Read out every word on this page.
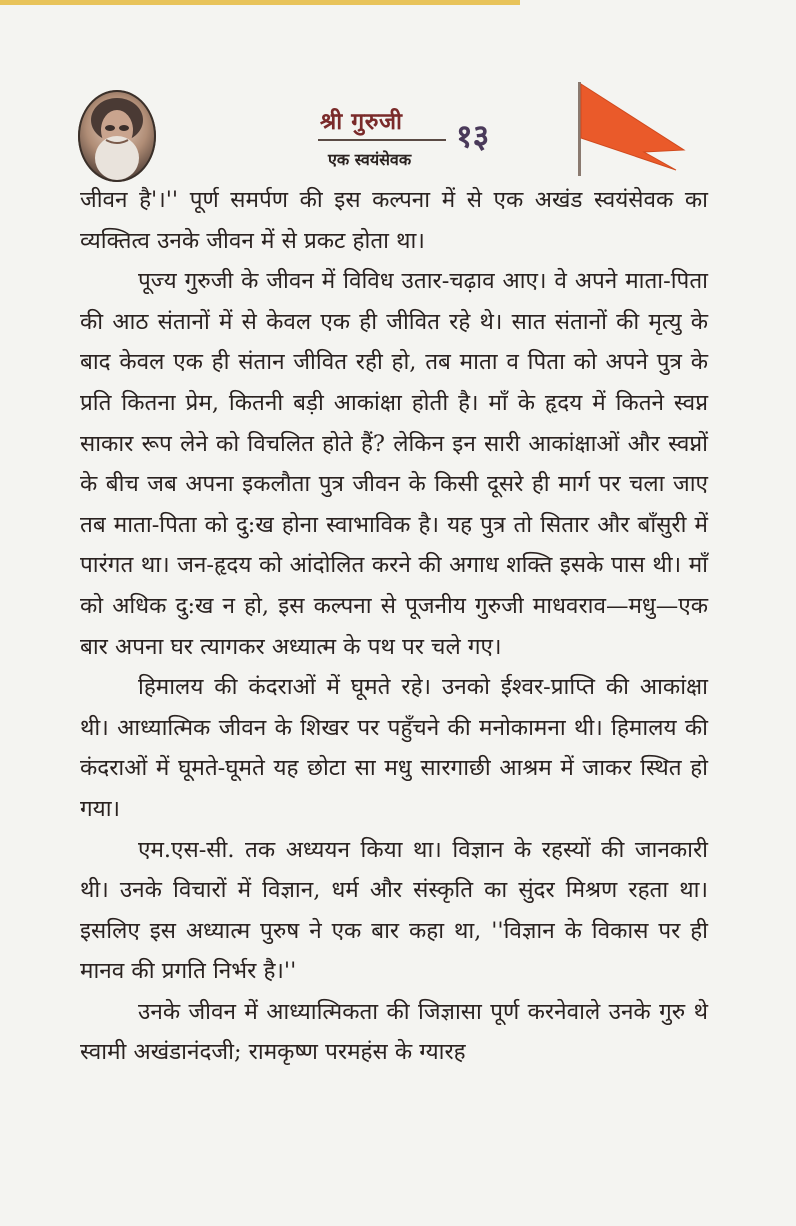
श्री गुरुजी
एक स्वयंसेवक
१३

जीवन है'।'' पूर्ण समर्पण की इस कल्पना में से एक अखंड स्वयंसेवक का व्यक्तित्व उनके जीवन में से प्रकट होता था।

पूज्य गुरुजी के जीवन में विविध उतार-चढ़ाव आए। वे अपने माता-पिता की आठ संतानों में से केवल एक ही जीवित रहे थे। सात संतानों की मृत्यु के बाद केवल एक ही संतान जीवित रही हो, तब माता व पिता को अपने पुत्र के प्रति कितना प्रेम, कितनी बड़ी आकांक्षा होती है। माँ के हृदय में कितने स्वप्न साकार रूप लेने को विचलित होते हैं? लेकिन इन सारी आकांक्षाओं और स्वप्नों के बीच जब अपना इकलौता पुत्र जीवन के किसी दूसरे ही मार्ग पर चला जाए तब माता-पिता को दु:ख होना स्वाभाविक है। यह पुत्र तो सितार और बाँसुरी में पारंगत था। जन-हृदय को आंदोलित करने की अगाध शक्ति इसके पास थी। माँ को अधिक दु:ख न हो, इस कल्पना से पूजनीय गुरुजी माधवराव—मधु—एक बार अपना घर त्यागकर अध्यात्म के पथ पर चले गए।

हिमालय की कंदराओं में घूमते रहे। उनको ईश्वर-प्राप्ति की आकांक्षा थी। आध्यात्मिक जीवन के शिखर पर पहुँचने की मनोकामना थी। हिमालय की कंदराओं में घूमते-घूमते यह छोटा सा मधु सारगाछी आश्रम में जाकर स्थित हो गया।

एम.एस-सी. तक अध्ययन किया था। विज्ञान के रहस्यों की जानकारी थी। उनके विचारों में विज्ञान, धर्म और संस्कृति का सुंदर मिश्रण रहता था। इसलिए इस अध्यात्म पुरुष ने एक बार कहा था, ''विज्ञान के विकास पर ही मानव की प्रगति निर्भर है।''

उनके जीवन में आध्यात्मिकता की जिज्ञासा पूर्ण करनेवाले उनके गुरु थे स्वामी अखंडानंदजी; रामकृष्ण परमहंस के ग्यारह
